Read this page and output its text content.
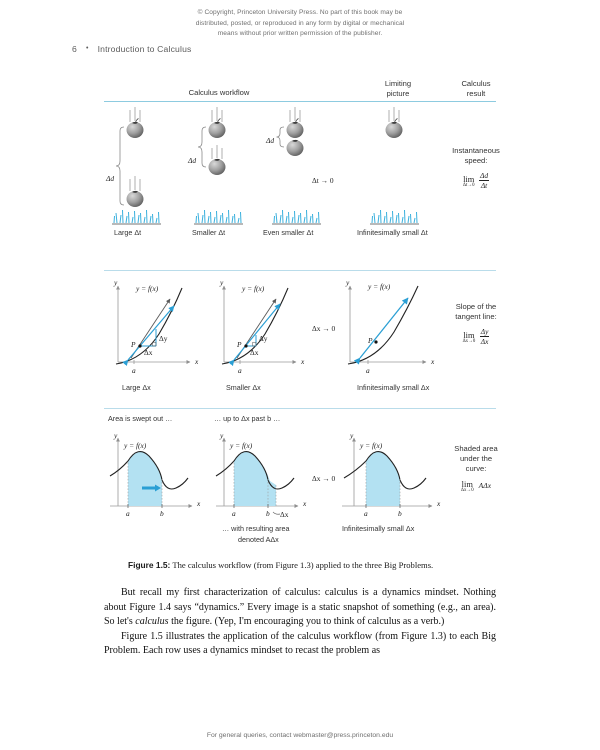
© Copyright, Princeton University Press. No part of this book may be
distributed, posted, or reproduced in any form by digital or mechanical
means without prior written permission of the publisher.
6 • Introduction to Calculus
Calculus workflow
Limiting
picture
Calculus
result
Δd
Δd
Δd
Δt → 0
Large Δt	Smaller Δt	Even smaller Δt	Infinitesimally small Δt
Instantaneous
speed:
lim
Δt→0
$\frac{\Delta d}{\Delta t}$
y
x
y = f(x)
P
Δy
Δx
a
Large Δx
y
x
y = f(x)
P
Δy
Δx
a
Smaller Δx
Δx → 0
y
x
y = f(x)
P
a
Infinitesimally small Δx
Slope of the
tangent line:
lim
Δx→0
$\frac{\Delta y}{\Delta x}$
Area is swept out …	… up to Δx past b …
y
x
y = f(x)
a	b
y
x
y = f(x)
a	b Δx
… with resulting area
denoted AΔx
Δx → 0
y
x
y = f(x)
a	b
Infinitesimally small Δx
Shaded area
under the
curve:
lim
Δx→0
AΔx
Figure 1.5: The calculus workflow (from Figure 1.3) applied to the three Big Problems.

But recall my first characterization of calculus: calculus is a dynamics mindset. Nothing about Figure 1.4 says “dynamics.” Every image is a static snapshot of something (e.g., an area). So let's calculus the figure. (Yep, I'm encouraging you to think of calculus as a verb.)

Figure 1.5 illustrates the application of the calculus workflow (from Figure 1.3) to each Big Problem. Each row uses a dynamics mindset to recast the problem as

For general queries, contact webmaster@press.princeton.edu
